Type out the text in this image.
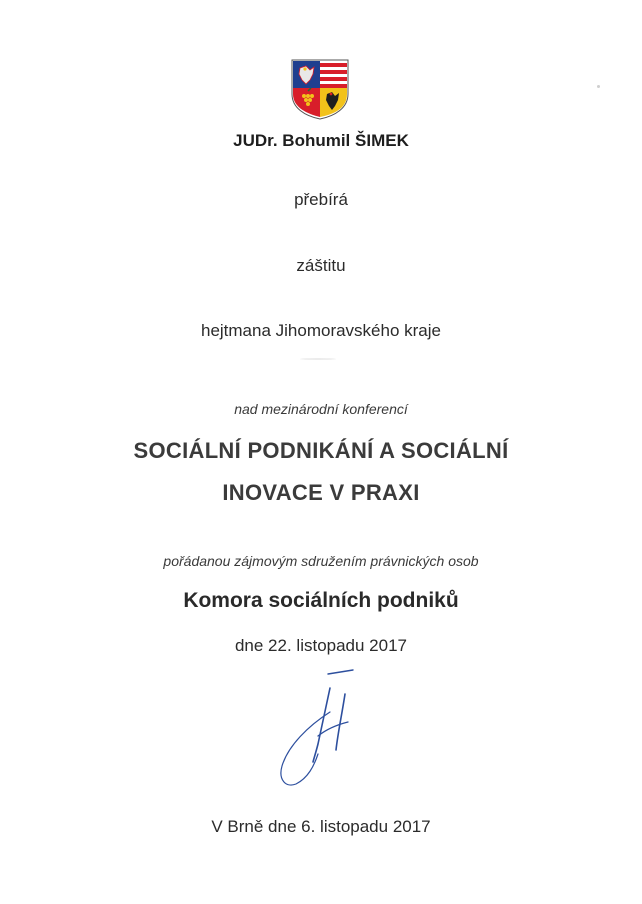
JUDr. Bohumil ŠIMEK
přebírá
záštitu
hejtmana Jihomoravského kraje
nad mezinárodní konferencí
SOCIÁLNÍ PODNIKÁNÍ A SOCIÁLNÍ
INOVACE V PRAXI
pořádanou zájmovým sdružením právnických osob
Komora sociálních podniků
dne 22. listopadu 2017
V Brně dne 6. listopadu 2017
